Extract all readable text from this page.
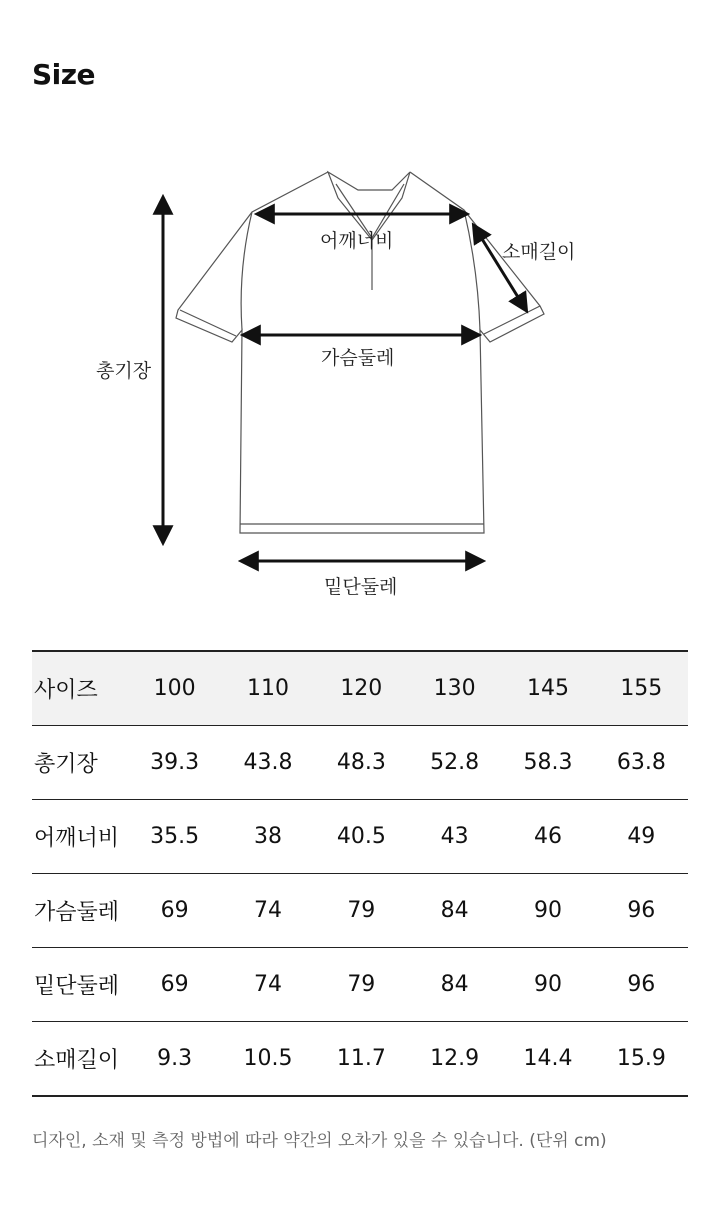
Size
총기장
어깨너비	소매길이
가슴둘레
밑단둘레
사이즈	100	110	120	130	145	155
총기장	39.3	43.8	48.3	52.8	58.3	63.8
어깨너비	35.5	38	40.5	43	46	49
가슴둘레	69	74	79	84	90	96
밑단둘레	69	74	79	84	90	96
소매길이	9.3	10.5	11.7	12.9	14.4	15.9
디자인, 소재 및 측정 방법에 따라 약간의 오차가 있을 수 있습니다. (단위 cm)
